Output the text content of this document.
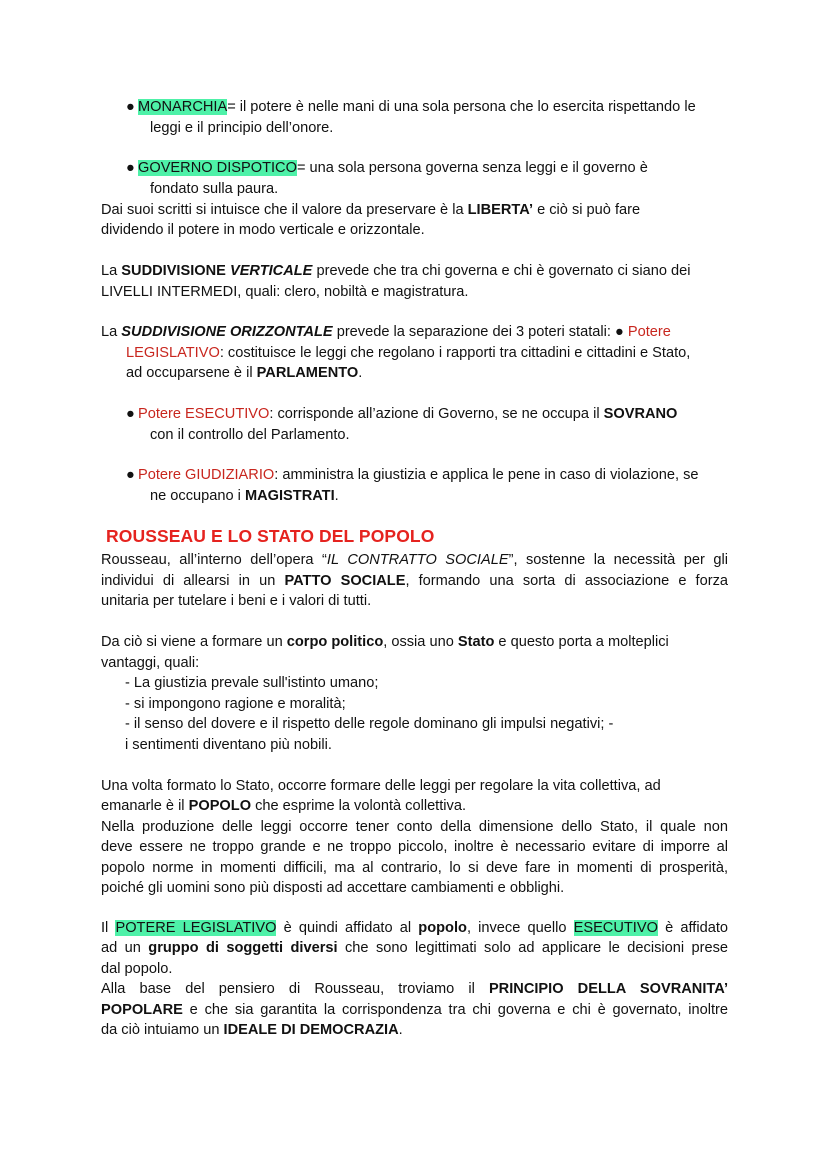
● MONARCHIA= il potere è nelle mani di una sola persona che lo esercita rispettando le
leggi e il principio dell’onore.
● GOVERNO DISPOTICO= una sola persona governa senza leggi e il governo è
fondato sulla paura.
Dai suoi scritti si intuisce che il valore da preservare è la LIBERTA’ e ciò si può fare
dividendo il potere in modo verticale e orizzontale.
La SUDDIVISIONE VERTICALE prevede che tra chi governa e chi è governato ci siano dei
LIVELLI INTERMEDI, quali: clero, nobiltà e magistratura.
La SUDDIVISIONE ORIZZONTALE prevede la separazione dei 3 poteri statali: ● Potere
LEGISLATIVO: costituisce le leggi che regolano i rapporti tra cittadini e cittadini e Stato,
ad occuparsene è il PARLAMENTO.
● Potere ESECUTIVO: corrisponde all’azione di Governo, se ne occupa il SOVRANO
con il controllo del Parlamento.
● Potere GIUDIZIARIO: amministra la giustizia e applica le pene in caso di violazione, se
ne occupano i MAGISTRATI.
ROUSSEAU E LO STATO DEL POPOLO
Rousseau, all’interno dell’opera “IL CONTRATTO SOCIALE”, sostenne la necessità per gli
individui di allearsi in un PATTO SOCIALE, formando una sorta di associazione e forza
unitaria per tutelare i beni e i valori di tutti.
Da ciò si viene a formare un corpo politico, ossia uno Stato e questo porta a molteplici
vantaggi, quali:
- La giustizia prevale sull'istinto umano;
- si impongono ragione e moralità;
- il senso del dovere e il rispetto delle regole dominano gli impulsi negativi; -
i sentimenti diventano più nobili.
Una volta formato lo Stato, occorre formare delle leggi per regolare la vita collettiva, ad
emanarle è il POPOLO che esprime la volontà collettiva.
Nella produzione delle leggi occorre tener conto della dimensione dello Stato, il quale non
deve essere ne troppo grande e ne troppo piccolo, inoltre è necessario evitare di imporre al
popolo norme in momenti difficili, ma al contrario, lo si deve fare in momenti di prosperità,
poiché gli uomini sono più disposti ad accettare cambiamenti e obblighi.
Il POTERE LEGISLATIVO è quindi affidato al popolo, invece quello ESECUTIVO è affidato
ad un gruppo di soggetti diversi che sono legittimati solo ad applicare le decisioni prese
dal popolo.
Alla base del pensiero di Rousseau, troviamo il PRINCIPIO DELLA SOVRANITA’
POPOLARE e che sia garantita la corrispondenza tra chi governa e chi è governato, inoltre
da ciò intuiamo un IDEALE DI DEMOCRAZIA.
